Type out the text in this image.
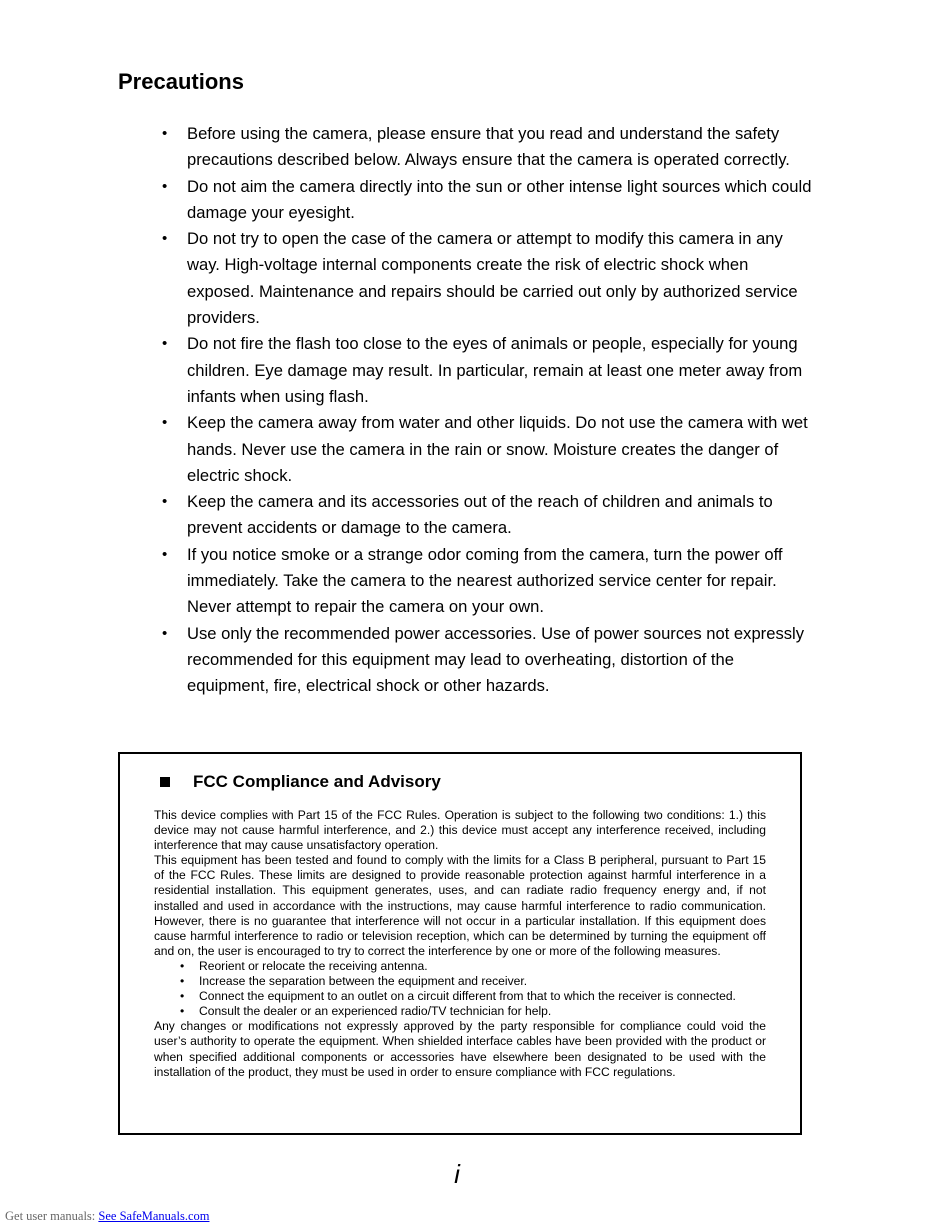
Precautions
• Before using the camera, please ensure that you read and understand the safety precautions described below. Always ensure that the camera is operated correctly.
• Do not aim the camera directly into the sun or other intense light sources which could damage your eyesight.
• Do not try to open the case of the camera or attempt to modify this camera in any way. High-voltage internal components create the risk of electric shock when exposed. Maintenance and repairs should be carried out only by authorized service providers.
• Do not fire the flash too close to the eyes of animals or people, especially for young children. Eye damage may result. In particular, remain at least one meter away from infants when using flash.
• Keep the camera away from water and other liquids. Do not use the camera with wet hands. Never use the camera in the rain or snow. Moisture creates the danger of electric shock.
• Keep the camera and its accessories out of the reach of children and animals to prevent accidents or damage to the camera.
• If you notice smoke or a strange odor coming from the camera, turn the power off immediately. Take the camera to the nearest authorized service center for repair. Never attempt to repair the camera on your own.
• Use only the recommended power accessories. Use of power sources not expressly recommended for this equipment may lead to overheating, distortion of the equipment, fire, electrical shock or other hazards.
FCC Compliance and Advisory

This device complies with Part 15 of the FCC Rules. Operation is subject to the following two conditions: 1.) this device may not cause harmful interference, and 2.) this device must accept any interference received, including interference that may cause unsatisfactory operation.

This equipment has been tested and found to comply with the limits for a Class B peripheral, pursuant to Part 15 of the FCC Rules. These limits are designed to provide reasonable protection against harmful interference in a residential installation. This equipment generates, uses, and can radiate radio frequency energy and, if not installed and used in accordance with the instructions, may cause harmful interference to radio communication. However, there is no guarantee that interference will not occur in a particular installation. If this equipment does cause harmful interference to radio or television reception, which can be determined by turning the equipment off and on, the user is encouraged to try to correct the interference by one or more of the following measures.

• Reorient or relocate the receiving antenna.
• Increase the separation between the equipment and receiver.
• Connect the equipment to an outlet on a circuit different from that to which the receiver is connected.
• Consult the dealer or an experienced radio/TV technician for help.

Any changes or modifications not expressly approved by the party responsible for compliance could void the user’s authority to operate the equipment. When shielded interface cables have been provided with the product or when specified additional components or accessories have elsewhere been designated to be used with the installation of the product, they must be used in order to ensure compliance with FCC regulations.

i
Get user manuals: See SafeManuals.com
